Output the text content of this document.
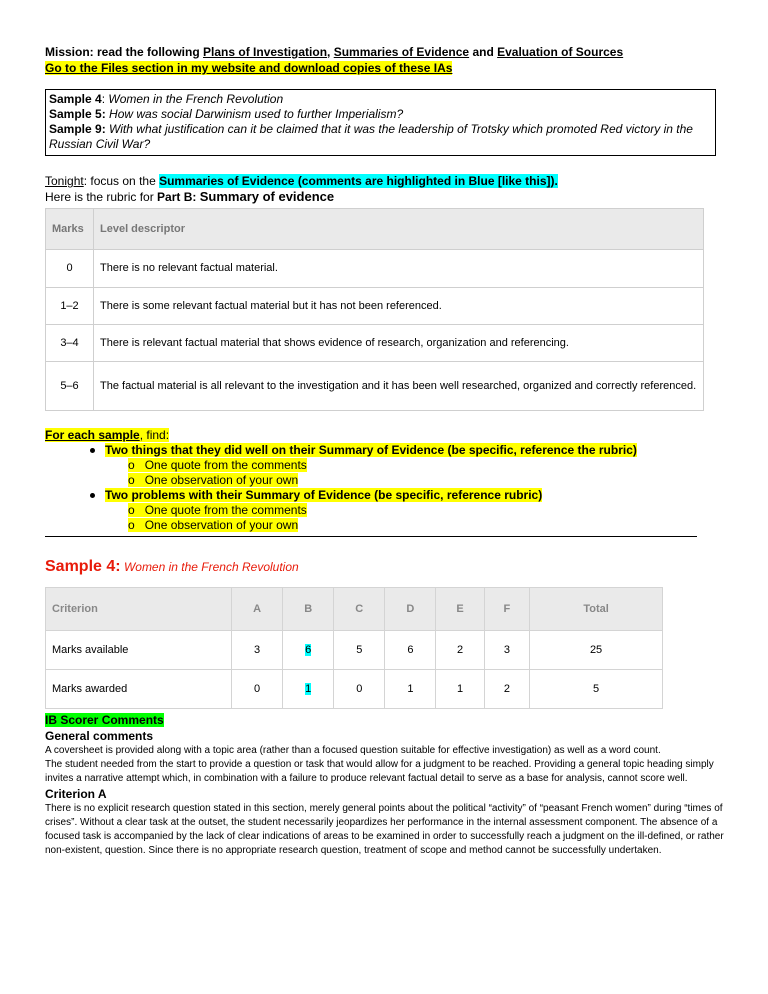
Mission: read the following Plans of Investigation, Summaries of Evidence and Evaluation of Sources
Go to the Files section in my website and download copies of these IAs
Sample 4: Women in the French Revolution
Sample 5: How was social Darwinism used to further Imperialism?
Sample 9: With what justification can it be claimed that it was the leadership of Trotsky which promoted Red victory in the Russian Civil War?
Tonight: focus on the Summaries of Evidence (comments are highlighted in Blue [like this]).
Here is the rubric for Part B: Summary of evidence
Marks	Level descriptor
0	There is no relevant factual material.
1–2	There is some relevant factual material but it has not been referenced.
3–4	There is relevant factual material that shows evidence of research, organization and referencing.
5–6	The factual material is all relevant to the investigation and it has been well researched, organized and correctly referenced.
For each sample, find:
Two things that they did well on their Summary of Evidence (be specific, reference the rubric)
o One quote from the comments
o One observation of your own
Two problems with their Summary of Evidence (be specific, reference rubric)
o One quote from the comments
o One observation of your own
Sample 4: Women in the French Revolution
Criterion	A	B	C	D	E	F	Total
Marks available	3	6	5	6	2	3	25
Marks awarded	0	1	0	1	1	2	5
IB Scorer Comments
General comments

A coversheet is provided along with a topic area (rather than a focused question suitable for effective investigation) as well as a word count.

The student needed from the start to provide a question or task that would allow for a judgment to be reached. Providing a general topic heading simply invites a narrative attempt which, in combination with a failure to produce relevant factual detail to serve as a base for analysis, cannot score well.

Criterion A

There is no explicit research question stated in this section, merely general points about the political “activity” of “peasant French women” during “times of crises”. Without a clear task at the outset, the student necessarily jeopardizes her performance in the internal assessment component. The absence of a focused task is accompanied by the lack of clear indications of areas to be examined in order to successfully reach a judgment on the ill-defined, or rather non-existent, question. Since there is no appropriate research question, treatment of scope and method cannot be successfully undertaken.
